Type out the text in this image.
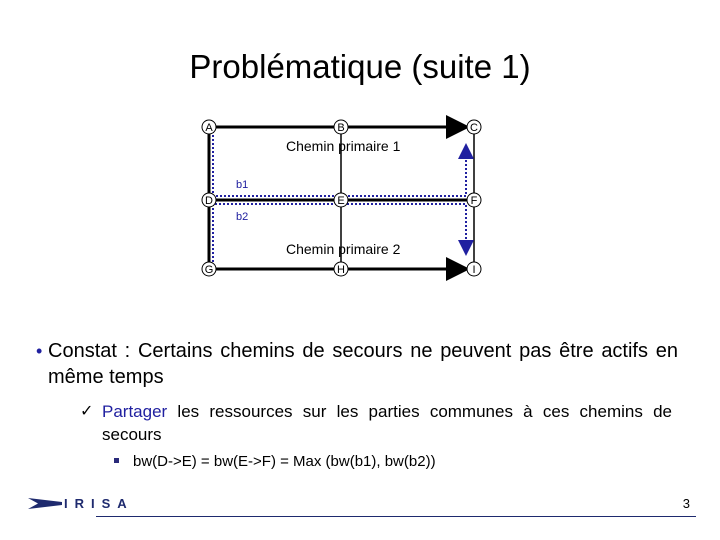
Problématique (suite 1)
A	B	C
D	E	F
G	H	I
Chemin primaire 1
Chemin primaire 2
b1
b2
• Constat : Certains chemins de secours ne peuvent pas être actifs en même temps
✓ Partager les ressources sur les parties communes à ces chemins de secours
bw(D->E) = bw(E->F) = Max (bw(b1), bw(b2))
IRISA	3
